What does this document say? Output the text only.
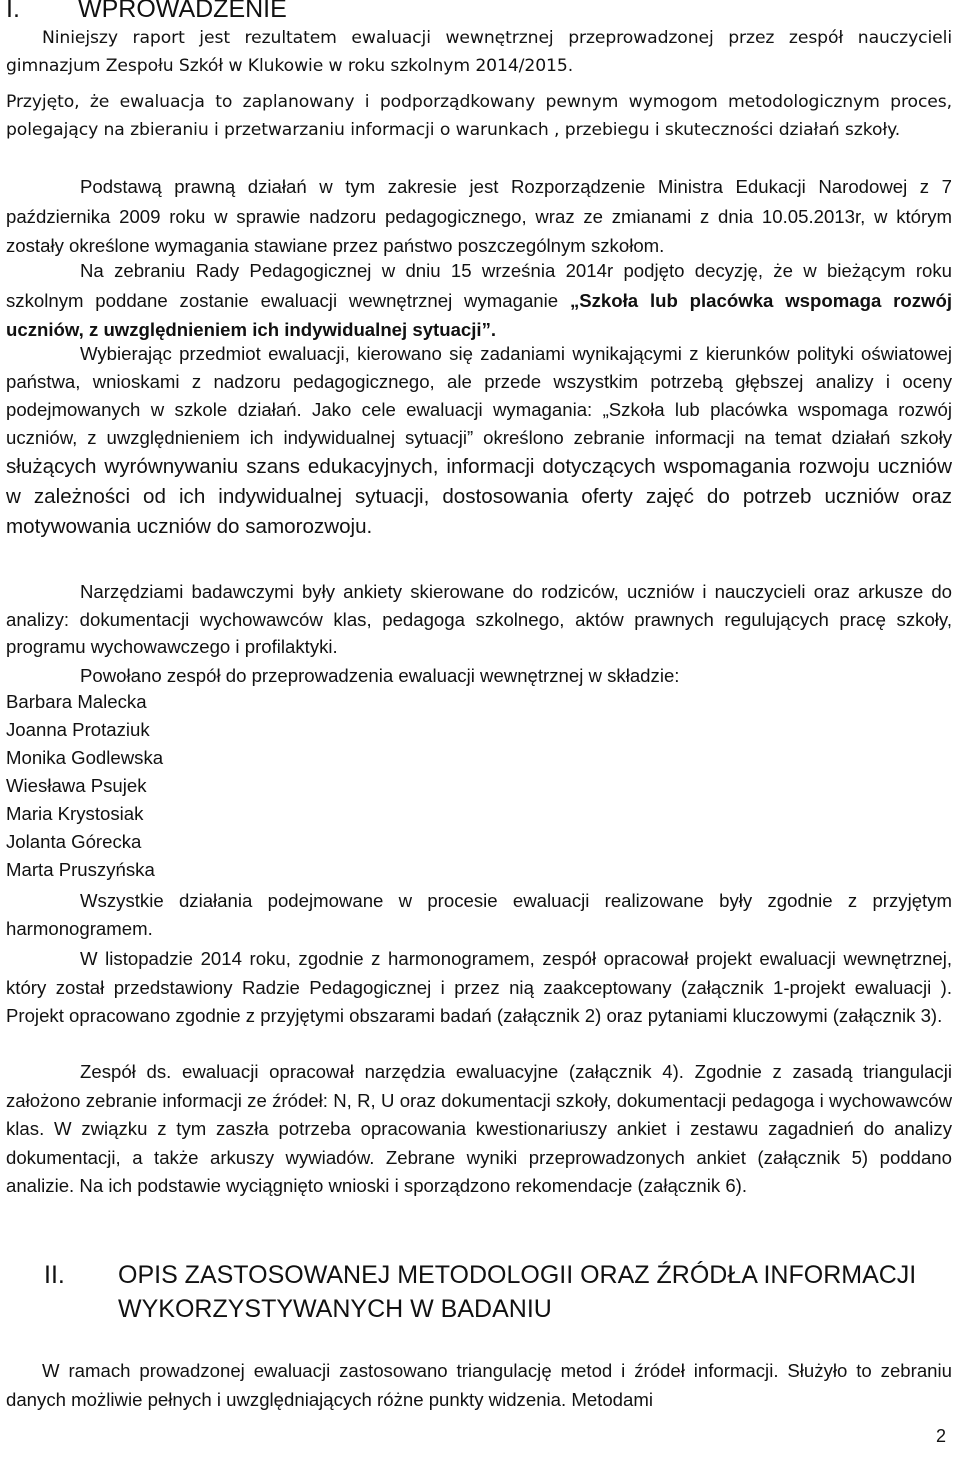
I. WPROWADZENIE

Niniejszy raport jest rezultatem ewaluacji wewnętrznej przeprowadzonej przez zespół nauczycieli gimnazjum Zespołu Szkół w Klukowie w roku szkolnym 2014/2015.

Przyjęto, że ewaluacja to zaplanowany i podporządkowany pewnym wymogom metodologicznym proces, polegający na zbieraniu i przetwarzaniu informacji o warunkach , przebiegu i skuteczności działań szkoły.

Podstawą prawną działań w tym zakresie jest Rozporządzenie Ministra Edukacji Narodowej z 7 października 2009 roku w sprawie nadzoru pedagogicznego, wraz ze zmianami z dnia 10.05.2013r, w którym zostały określone wymagania stawiane przez państwo poszczególnym szkołom.

Na zebraniu Rady Pedagogicznej w dniu 15 września 2014r podjęto decyzję, że w bieżącym roku szkolnym poddane zostanie ewaluacji wewnętrznej wymaganie „Szkoła lub placówka wspomaga rozwój uczniów, z uwzględnieniem ich indywidualnej sytuacji”.

Wybierając przedmiot ewaluacji, kierowano się zadaniami wynikającymi z kierunków polityki oświatowej państwa, wnioskami z nadzoru pedagogicznego, ale przede wszystkim potrzebą głębszej analizy i oceny podejmowanych w szkole działań. Jako cele ewaluacji wymagania: „Szkoła lub placówka wspomaga rozwój uczniów, z uwzględnieniem ich indywidualnej sytuacji” określono zebranie informacji na temat działań szkoły służących wyrównywaniu szans edukacyjnych, informacji dotyczących wspomagania rozwoju uczniów w zależności od ich indywidualnej sytuacji, dostosowania oferty zajęć do potrzeb uczniów oraz motywowania uczniów do samorozwoju.

Narzędziami badawczymi były ankiety skierowane do rodziców, uczniów i nauczycieli oraz arkusze do analizy: dokumentacji wychowawców klas, pedagoga szkolnego, aktów prawnych regulujących pracę szkoły, programu wychowawczego i profilaktyki.

Powołano zespół do przeprowadzenia ewaluacji wewnętrznej w składzie:

Barbara Malecka
Joanna Protaziuk
Monika Godlewska
Wiesława Psujek
Maria Krystosiak
Jolanta Górecka
Marta Pruszyńska

Wszystkie działania podejmowane w procesie ewaluacji realizowane były zgodnie z przyjętym harmonogramem.

W listopadzie 2014 roku, zgodnie z harmonogramem, zespół opracował projekt ewaluacji wewnętrznej, który został przedstawiony Radzie Pedagogicznej i przez nią zaakceptowany (załącznik 1-projekt ewaluacji ). Projekt opracowano zgodnie z przyjętymi obszarami badań (załącznik 2) oraz pytaniami kluczowymi (załącznik 3).

Zespół ds. ewaluacji opracował narzędzia ewaluacyjne (załącznik 4). Zgodnie z zasadą triangulacji założono zebranie informacji ze źródeł: N, R, U oraz dokumentacji szkoły, dokumentacji pedagoga i wychowawców klas. W związku z tym zaszła potrzeba opracowania kwestionariuszy ankiet i zestawu zagadnień do analizy dokumentacji, a także arkuszy wywiadów. Zebrane wyniki przeprowadzonych ankiet (załącznik 5) poddano analizie. Na ich podstawie wyciągnięto wnioski i sporządzono rekomendacje (załącznik 6).

II. OPIS ZASTOSOWANEJ METODOLOGII ORAZ ŹRÓDŁA INFORMACJI WYKORZYSTYWANYCH W BADANIU

W ramach prowadzonej ewaluacji zastosowano triangulację metod i źródeł informacji. Służyło to zebraniu danych możliwie pełnych i uwzględniających różne punkty widzenia. Metodami

2
